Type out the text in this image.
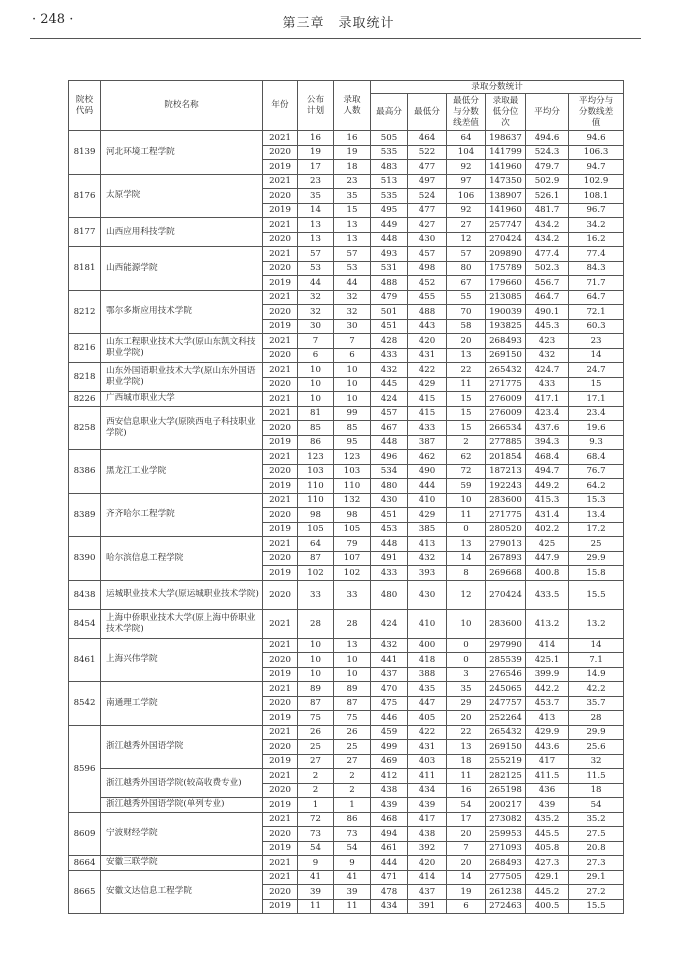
· 248 ·	第三章　录取统计
院校代码	院校名称	年份	公布计划	录取人数	录取分数统计					
					最高分	最低分	最低分与分数线差值	录取最低分位次	平均分	平均分与分数线差值
8139	河北环境工程学院	2021	16	16	505	464	64	198637	494.6	94.6
		2020	19	19	535	522	104	141799	524.3	106.3
		2019	17	18	483	477	92	141960	479.7	94.7
8176	太原学院	2021	23	23	513	497	97	147350	502.9	102.9
		2020	35	35	535	524	106	138907	526.1	108.1
		2019	14	15	495	477	92	141960	481.7	96.7
8177	山西应用科技学院	2021	13	13	449	427	27	257747	434.2	34.2
		2020	13	13	448	430	12	270424	434.2	16.2
8181	山西能源学院	2021	57	57	493	457	57	209890	477.4	77.4
		2020	53	53	531	498	80	175789	502.3	84.3
		2019	44	44	488	452	67	179660	456.7	71.7
8212	鄂尔多斯应用技术学院	2021	32	32	479	455	55	213085	464.7	64.7
		2020	32	32	501	488	70	190039	490.1	72.1
		2019	30	30	451	443	58	193825	445.3	60.3
8216	山东工程职业技术大学(原山东凯文科技职业学院)	2021	7	7	428	420	20	268493	423	23
		2020	6	6	433	431	13	269150	432	14
8218	山东外国语职业技术大学(原山东外国语职业学院)	2021	10	10	432	422	22	265432	424.7	24.7
		2020	10	10	445	429	11	271775	433	15
8226	广西城市职业大学	2021	10	10	424	415	15	276009	417.1	17.1
8258	西安信息职业大学(原陕西电子科技职业学院)	2021	81	99	457	415	15	276009	423.4	23.4
		2020	85	85	467	433	15	266534	437.6	19.6
		2019	86	95	448	387	2	277885	394.3	9.3
8386	黑龙江工业学院	2021	123	123	496	462	62	201854	468.4	68.4
		2020	103	103	534	490	72	187213	494.7	76.7
		2019	110	110	480	444	59	192243	449.2	64.2
8389	齐齐哈尔工程学院	2021	110	132	430	410	10	283600	415.3	15.3
		2020	98	98	451	429	11	271775	431.4	13.4
		2019	105	105	453	385	0	280520	402.2	17.2
8390	哈尔滨信息工程学院	2021	64	79	448	413	13	279013	425	25
		2020	87	107	491	432	14	267893	447.9	29.9
		2019	102	102	433	393	8	269668	400.8	15.8
8438	运城职业技术大学(原运城职业技术学院)	2020	33	33	480	430	12	270424	433.5	15.5
8454	上海中侨职业技术大学(原上海中侨职业技术学院)	2021	28	28	424	410	10	283600	413.2	13.2
8461	上海兴伟学院	2021	10	13	432	400	0	297990	414	14
		2020	10	10	441	418	0	285539	425.1	7.1
		2019	10	10	437	388	3	276546	399.9	14.9
8542	南通理工学院	2021	89	89	470	435	35	245065	442.2	42.2
		2020	87	87	475	447	29	247757	453.7	35.7
		2019	75	75	446	405	20	252264	413	28
8596	浙江越秀外国语学院	2021	26	26	459	422	22	265432	429.9	29.9
		2020	25	25	499	431	13	269150	443.6	25.6
		2019	27	27	469	403	18	255219	417	32
	浙江越秀外国语学院(较高收费专业)	2021	2	2	412	411	11	282125	411.5	11.5
		2020	2	2	438	434	16	265198	436	18
	浙江越秀外国语学院(单列专业)	2019	1	1	439	439	54	200217	439	54
8609	宁波财经学院	2021	72	86	468	417	17	273082	435.2	35.2
		2020	73	73	494	438	20	259953	445.5	27.5
		2019	54	54	461	392	7	271093	405.8	20.8
8664	安徽三联学院	2021	9	9	444	420	20	268493	427.3	27.3
8665	安徽文达信息工程学院	2021	41	41	471	414	14	277505	429.1	29.1
		2020	39	39	478	437	19	261238	445.2	27.2
		2019	11	11	434	391	6	272463	400.5	15.5
